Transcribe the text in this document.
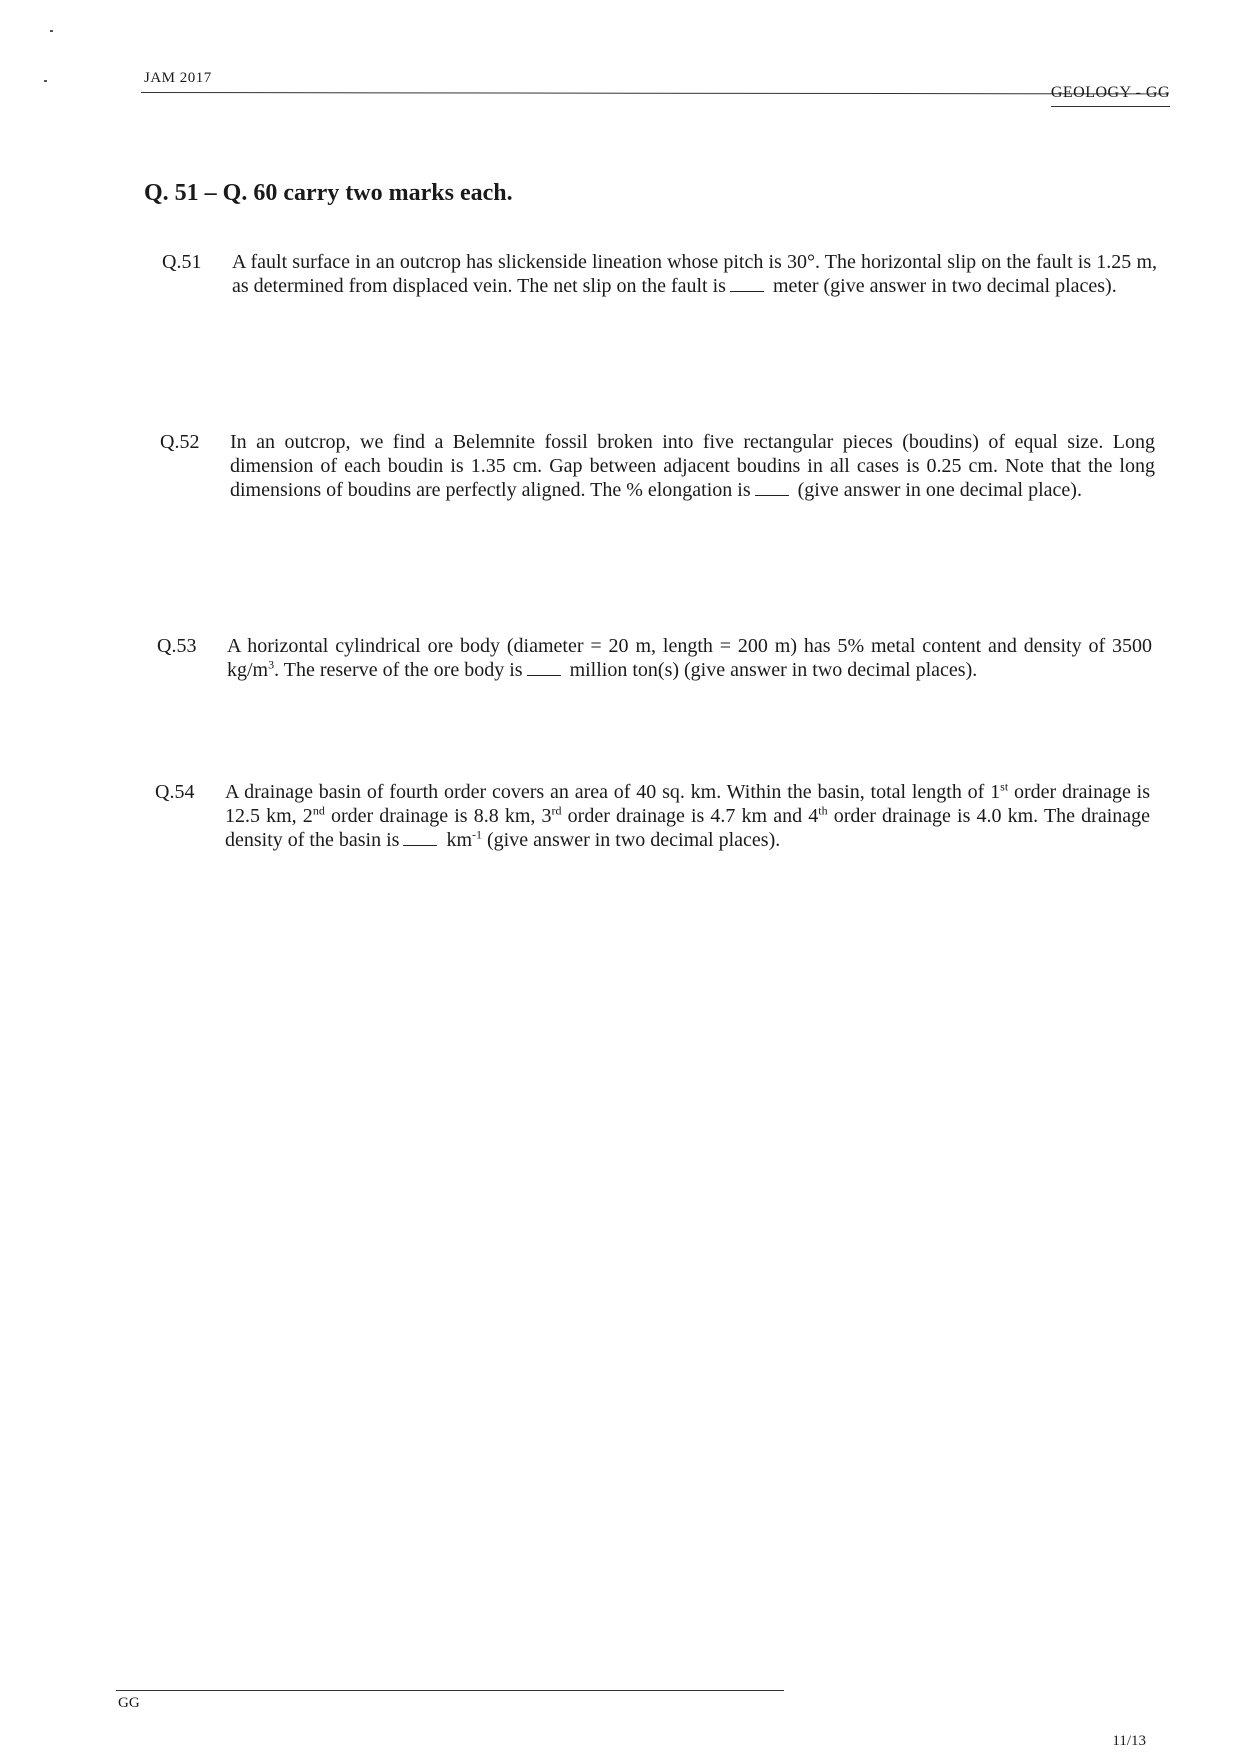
JAM 2017
GEOLOGY - GG
Q. 51 – Q. 60 carry two marks each.
Q.51	A fault surface in an outcrop has slickenside lineation whose pitch is 30°. The horizontal slip on the fault is 1.25 m, as determined from displaced vein. The net slip on the fault is meter (give answer in two decimal places).
Q.52	In an outcrop, we find a Belemnite fossil broken into five rectangular pieces (boudins) of equal size. Long dimension of each boudin is 1.35 cm. Gap between adjacent boudins in all cases is 0.25 cm. Note that the long dimensions of boudins are perfectly aligned. The % elongation is (give answer in one decimal place).
Q.53	A horizontal cylindrical ore body (diameter = 20 m, length = 200 m) has 5% metal content and density of 3500 $kg/m^3$. The reserve of the ore body is million ton(s) (give answer in two decimal places).
Q.54	A drainage basin of fourth order covers an area of 40 sq. km. Within the basin, total length of 1st order drainage is 12.5 km, 2nd order drainage is 8.8 km, 3rd order drainage is 4.7 km and 4th order drainage is 4.0 km. The drainage density of the basin is $km^{-1}$ (give answer in two decimal places).
GG
11/13
